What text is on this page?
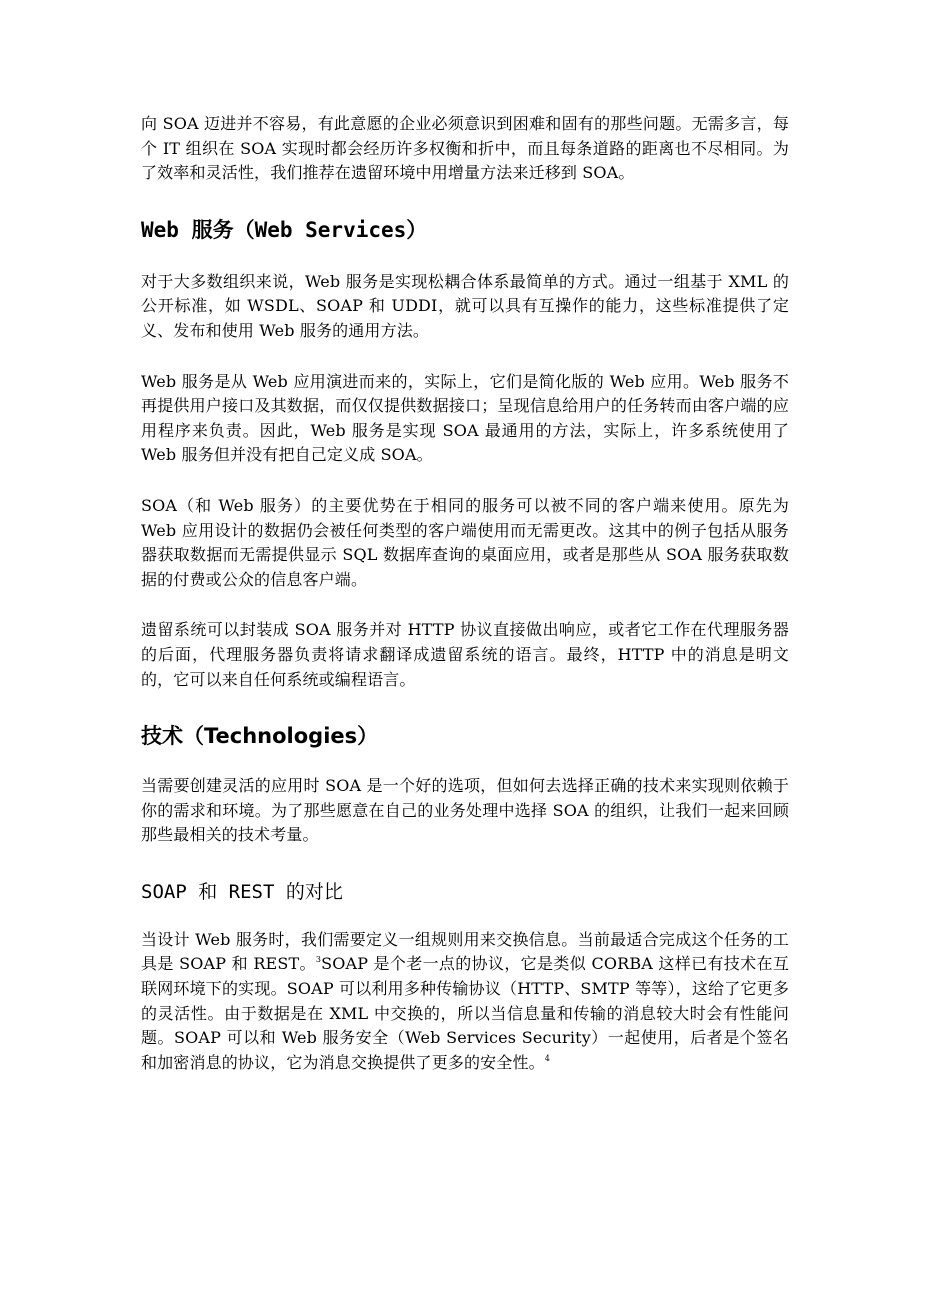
向 SOA 迈进并不容易，有此意愿的企业必须意识到困难和固有的那些问题。无需多言，每个 IT 组织在 SOA 实现时都会经历许多权衡和折中，而且每条道路的距离也不尽相同。为了效率和灵活性，我们推荐在遗留环境中用增量方法来迁移到 SOA。

Web 服务（Web Services）

对于大多数组织来说，Web 服务是实现松耦合体系最简单的方式。通过一组基于 XML 的公开标准，如 WSDL、SOAP 和 UDDI，就可以具有互操作的能力，这些标准提供了定义、发布和使用 Web 服务的通用方法。

Web 服务是从 Web 应用演进而来的，实际上，它们是简化版的 Web 应用。Web 服务不再提供用户接口及其数据，而仅仅提供数据接口；呈现信息给用户的任务转而由客户端的应用程序来负责。因此，Web 服务是实现 SOA 最通用的方法，实际上，许多系统使用了 Web 服务但并没有把自己定义成 SOA。

SOA（和 Web 服务）的主要优势在于相同的服务可以被不同的客户端来使用。原先为 Web 应用设计的数据仍会被任何类型的客户端使用而无需更改。这其中的例子包括从服务器获取数据而无需提供显示 SQL 数据库查询的桌面应用，或者是那些从 SOA 服务获取数据的付费或公众的信息客户端。

遗留系统可以封装成 SOA 服务并对 HTTP 协议直接做出响应，或者它工作在代理服务器的后面，代理服务器负责将请求翻译成遗留系统的语言。最终，HTTP 中的消息是明文的，它可以来自任何系统或编程语言。

技术（Technologies）

当需要创建灵活的应用时 SOA 是一个好的选项，但如何去选择正确的技术来实现则依赖于你的需求和环境。为了那些愿意在自己的业务处理中选择 SOA 的组织，让我们一起来回顾那些最相关的技术考量。

SOAP 和 REST 的对比

当设计 Web 服务时，我们需要定义一组规则用来交换信息。当前最适合完成这个任务的工具是 SOAP 和 REST。$^3$SOAP 是个老一点的协议，它是类似 CORBA 这样已有技术在互联网环境下的实现。SOAP 可以利用多种传输协议（HTTP、SMTP 等等），这给了它更多的灵活性。由于数据是在 XML 中交换的，所以当信息量和传输的消息较大时会有性能问题。SOAP 可以和 Web 服务安全（Web Services Security）一起使用，后者是个签名和加密消息的协议，它为消息交换提供了更多的安全性。$^4$
